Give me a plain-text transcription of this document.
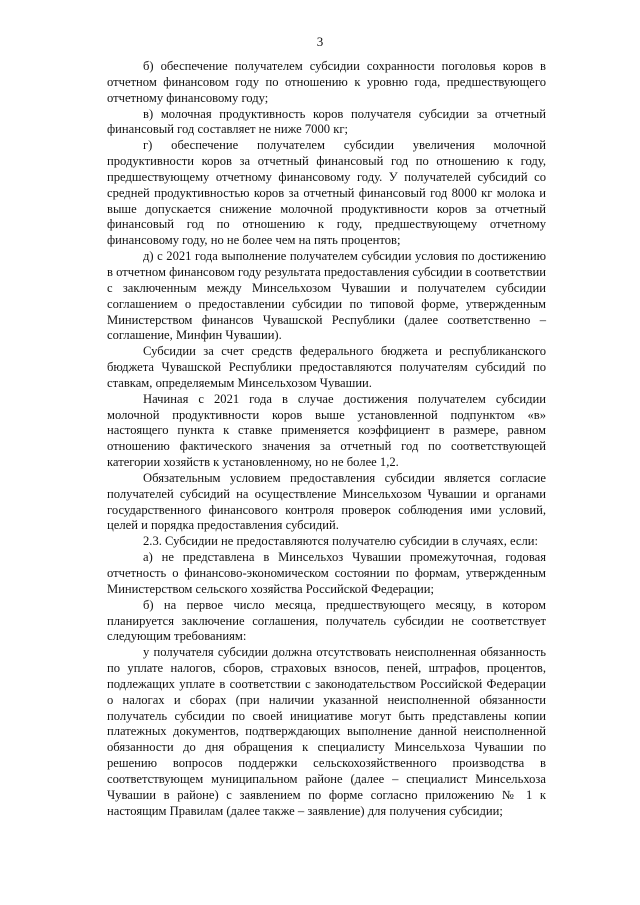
3

б) обеспечение получателем субсидии сохранности поголовья коров в отчетном финансовом году по отношению к уровню года, предшествующего отчетному финансовому году;

в) молочная продуктивность коров получателя субсидии за отчетный финансовый год составляет не ниже 7000 кг;

г) обеспечение получателем субсидии увеличения молочной продуктивности коров за отчетный финансовый год по отношению к году, предшествующему отчетному финансовому году. У получателей субсидий со средней продуктивностью коров за отчетный финансовый год 8000 кг молока и выше допускается снижение молочной продуктивности коров за отчетный финансовый год по отношению к году, предшествующему отчетному финансовому году, но не более чем на пять процентов;

д) с 2021 года выполнение получателем субсидии условия по достижению в отчетном финансовом году результата предоставления субсидии в соответствии с заключенным между Минсельхозом Чувашии и получателем субсидии соглашением о предоставлении субсидии по типовой форме, утвержденным Министерством финансов Чувашской Республики (далее соответственно – соглашение, Минфин Чувашии).

Субсидии за счет средств федерального бюджета и республиканского бюджета Чувашской Республики предоставляются получателям субсидий по ставкам, определяемым Минсельхозом Чувашии.

Начиная с 2021 года в случае достижения получателем субсидии молочной продуктивности коров выше установленной подпунктом «в» настоящего пункта к ставке применяется коэффициент в размере, равном отношению фактического значения за отчетный год по соответствующей категории хозяйств к установленному, но не более 1,2.

Обязательным условием предоставления субсидии является согласие получателей субсидий на осуществление Минсельхозом Чувашии и органами государственного финансового контроля проверок соблюдения ими условий, целей и порядка предоставления субсидий.

2.3. Субсидии не предоставляются получателю субсидии в случаях, если:

а) не представлена в Минсельхоз Чувашии промежуточная, годовая отчетность о финансово-экономическом состоянии по формам, утвержденным Министерством сельского хозяйства Российской Федерации;

б) на первое число месяца, предшествующего месяцу, в котором планируется заключение соглашения, получатель субсидии не соответствует следующим требованиям:

у получателя субсидии должна отсутствовать неисполненная обязанность по уплате налогов, сборов, страховых взносов, пеней, штрафов, процентов, подлежащих уплате в соответствии с законодательством Российской Федерации о налогах и сборах (при наличии указанной неисполненной обязанности получатель субсидии по своей инициативе могут быть представлены копии платежных документов, подтверждающих выполнение данной неисполненной обязанности до дня обращения к специалисту Минсельхоза Чувашии по решению вопросов поддержки сельскохозяйственного производства в соответствующем муниципальном районе (далее – специалист Минсельхоза Чувашии в районе) с заявлением по форме согласно приложению № 1 к настоящим Правилам (далее также – заявление) для получения субсидии;
